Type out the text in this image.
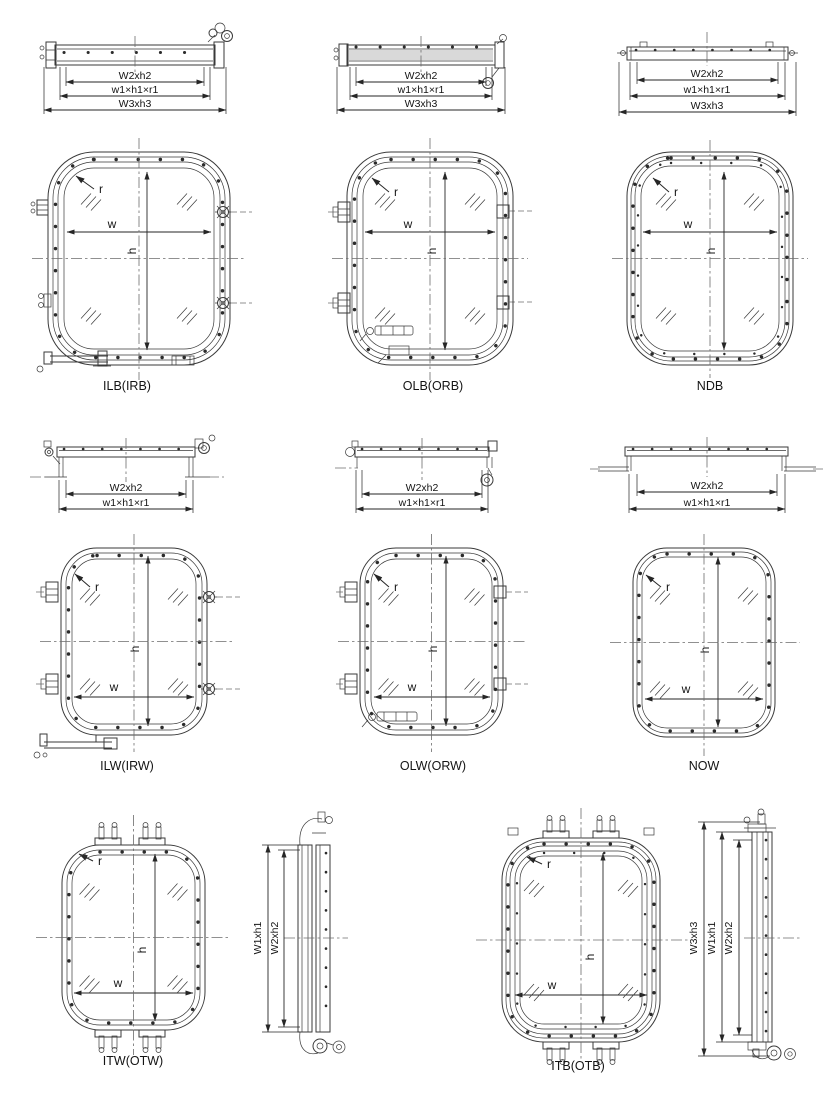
W2xh2
w1×h1×r1
W3xh3
W2xh2
w1×h1×r1
W3xh3
W2xh2
w1×h1×r1
W3xh3
w
h
r
ILB(IRB)
w
h
r
OLB(ORB)
w
h
r
NDB
W2xh2
w1×h1×r1
W2xh2
w1×h1×r1
W2xh2
w1×h1×r1
w
h
r
ILW(IRW)
w
h
r
OLW(ORW)
w
h
r
NOW
w
h
r
ITW(OTW)
W1xh1 W2xh2
w
h
r
ITB(OTB)
W3xh3 W1xh1 W2xh2
